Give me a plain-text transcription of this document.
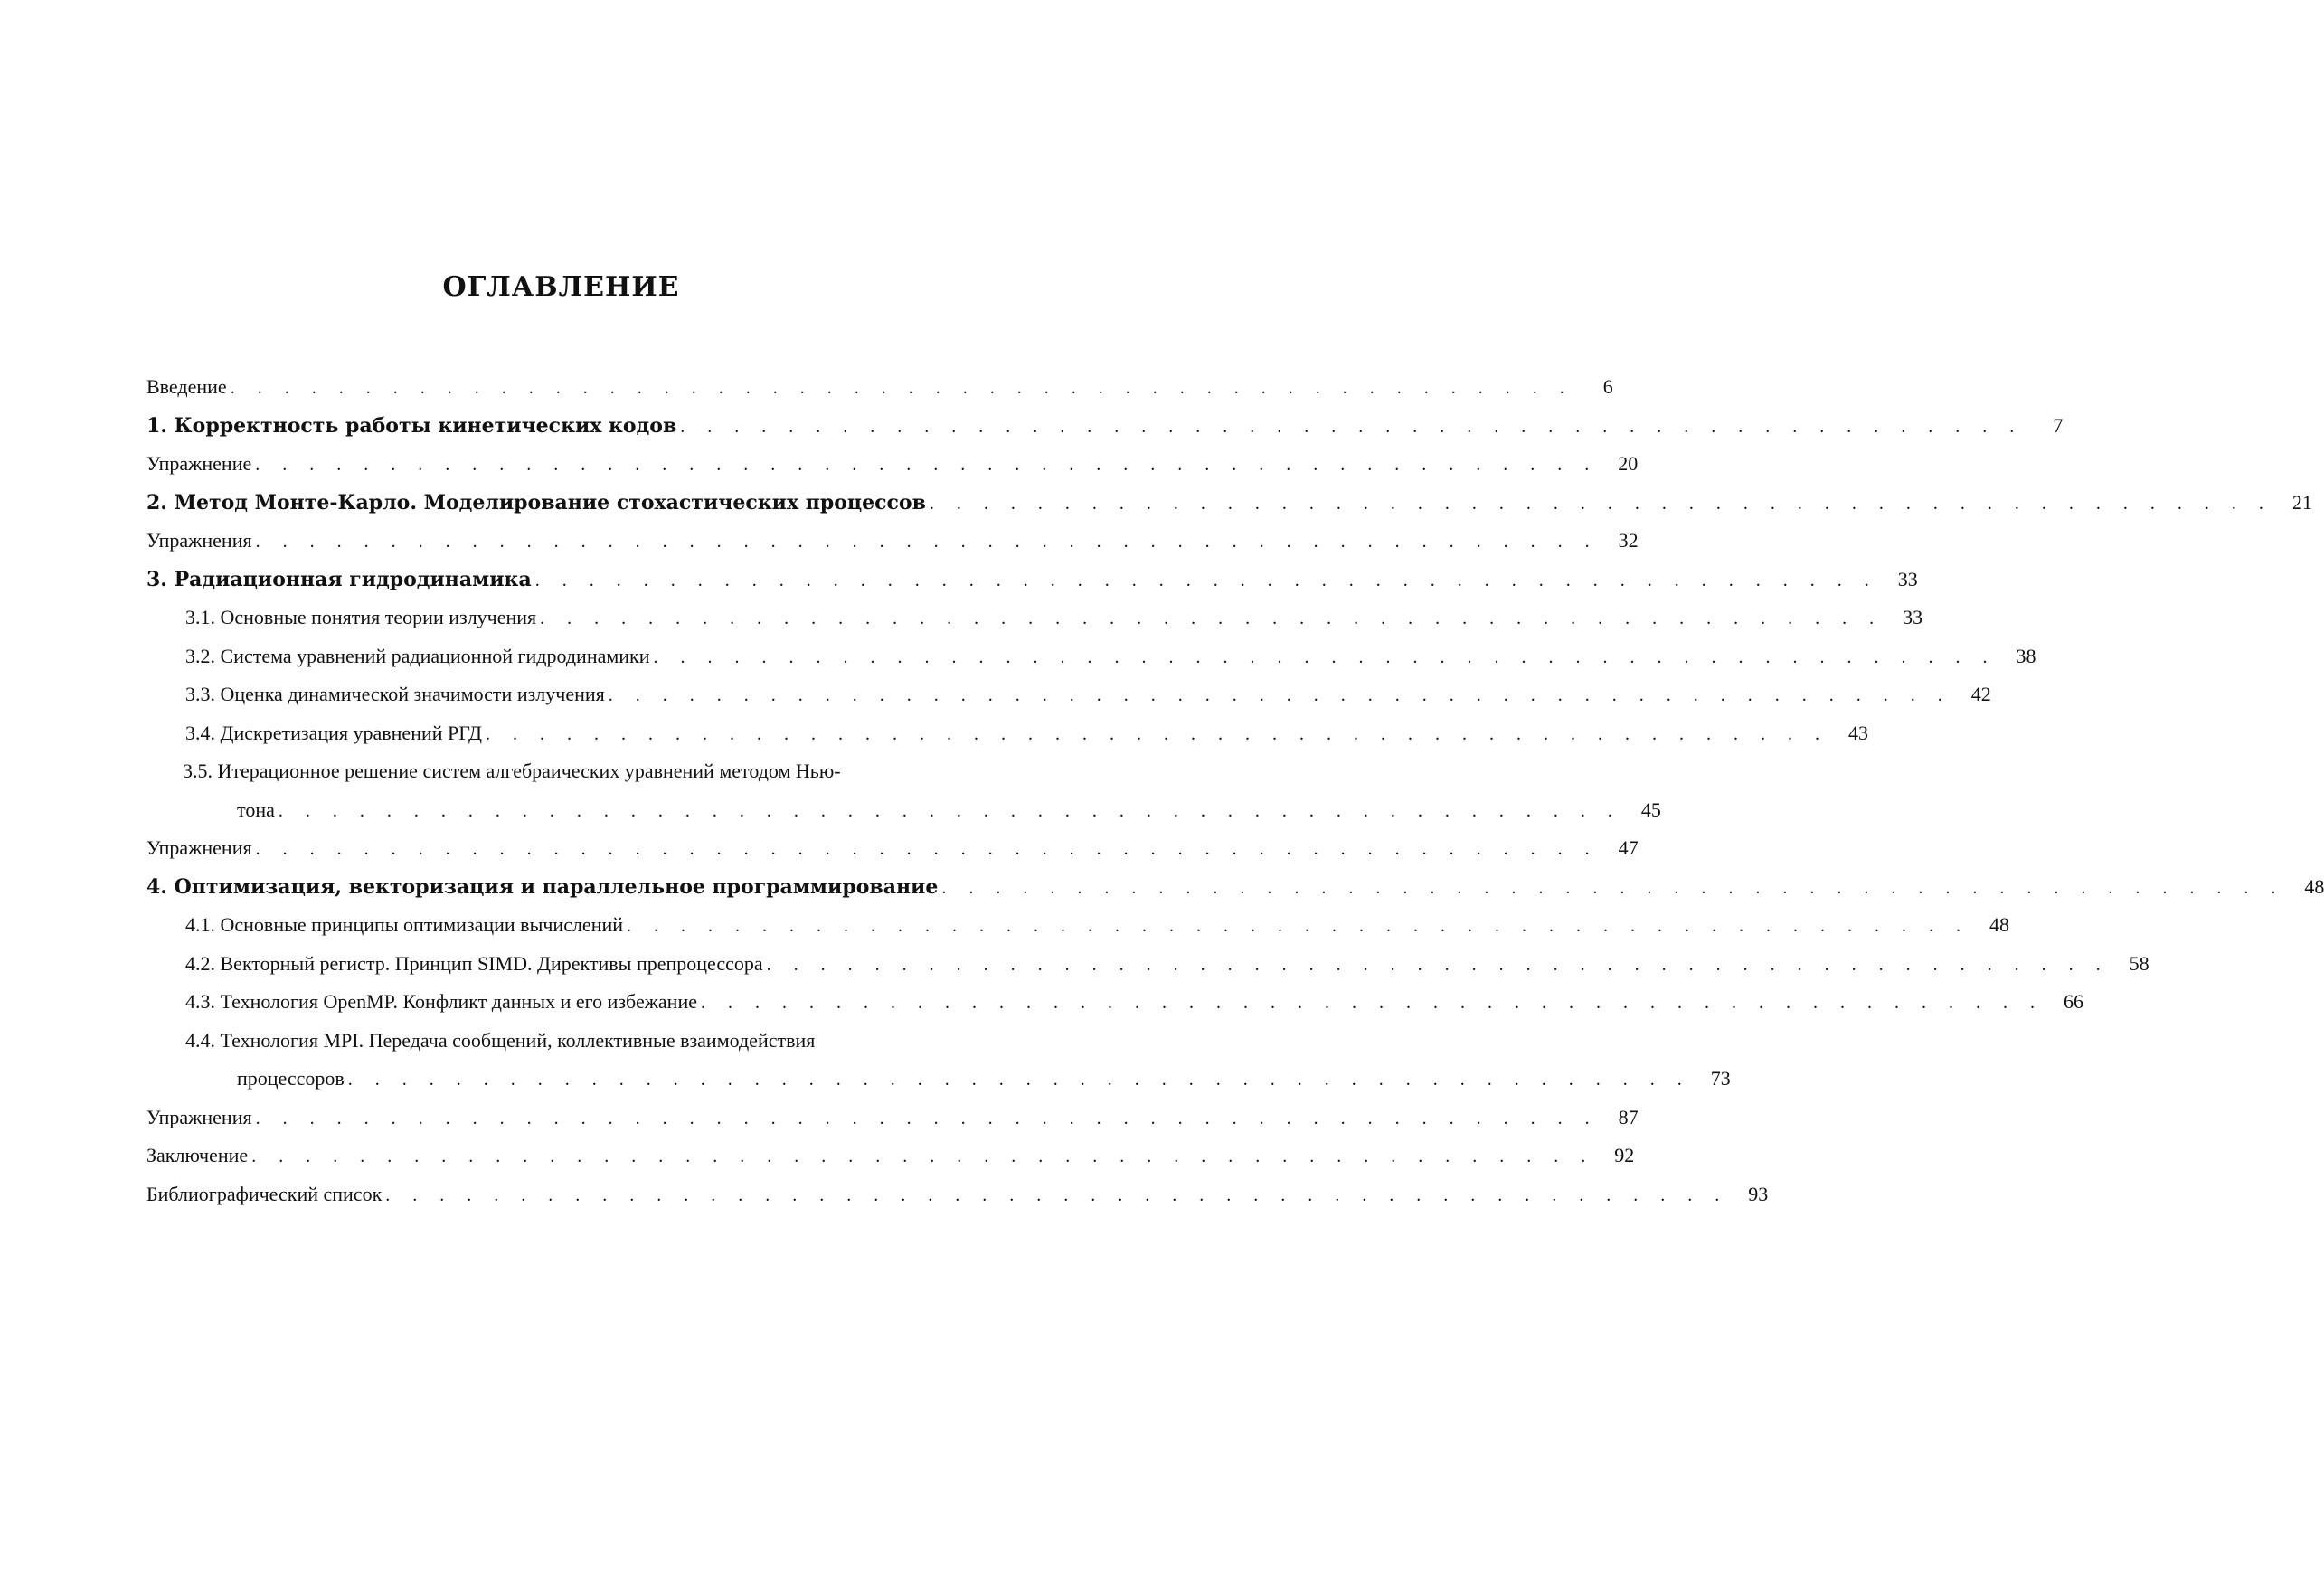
ОГЛАВЛЕНИЕ
Введение . . . . . . . . . . . . . . . . . . . . . . . . . . . . . . . . . . . . . . . . . . . . . . . . . .	6
1. Корректность работы кинетических кодов . . . . . . . . . . . . . . . . . . . . . . . . . . . . . . . . . . . . . . . . . . . . . . . . . .	7
Упражнение . . . . . . . . . . . . . . . . . . . . . . . . . . . . . . . . . . . . . . . . . . . . . . . . . .	20
2. Метод Монте-Карло. Моделирование стохастических процессов . . . . . . . . . . . . . . . . . . . . . . . . . . . . . . . . . . . . . . . . . . . . . . . . . .	21
Упражнения . . . . . . . . . . . . . . . . . . . . . . . . . . . . . . . . . . . . . . . . . . . . . . . . . .	32
3. Радиационная гидродинамика . . . . . . . . . . . . . . . . . . . . . . . . . . . . . . . . . . . . . . . . . . . . . . . . . .	33
3.1. Основные понятия теории излучения . . . . . . . . . . . . . . . . . . . . . . . . . . . . . . . . . . . . . . . . . . . . . . . . . .	33
3.2. Система уравнений радиационной гидродинамики . . . . . . . . . . . . . . . . . . . . . . . . . . . . . . . . . . . . . . . . . . . . . . . . . .	38
3.3. Оценка динамической значимости излучения . . . . . . . . . . . . . . . . . . . . . . . . . . . . . . . . . . . . . . . . . . . . . . . . . .	42
3.4. Дискретизация уравнений РГД . . . . . . . . . . . . . . . . . . . . . . . . . . . . . . . . . . . . . . . . . . . . . . . . . .	43
3.5. Итерационное решение систем алгебраических уравнений методом Нью-
тона . . . . . . . . . . . . . . . . . . . . . . . . . . . . . . . . . . . . . . . . . . . . . . . . . .	45
Упражнения . . . . . . . . . . . . . . . . . . . . . . . . . . . . . . . . . . . . . . . . . . . . . . . . . .	47
4. Оптимизация, векторизация и параллельное программирование . . . . . . . . . . . . . . . . . . . . . . . . . . . . . . . . . . . . . . . . . . . . . . . . . .	48
4.1. Основные принципы оптимизации вычислений . . . . . . . . . . . . . . . . . . . . . . . . . . . . . . . . . . . . . . . . . . . . . . . . . .	48
4.2. Векторный регистр. Принцип SIMD. Директивы препроцессора . . . . . . . . . . . . . . . . . . . . . . . . . . . . . . . . . . . . . . . . . . . . . . . . . .	58
4.3. Технология OpenMP. Конфликт данных и его избежание . . . . . . . . . . . . . . . . . . . . . . . . . . . . . . . . . . . . . . . . . . . . . . . . . .	66
4.4. Технология MPI. Передача сообщений, коллективные взаимодействия
процессоров . . . . . . . . . . . . . . . . . . . . . . . . . . . . . . . . . . . . . . . . . . . . . . . . . .	73
Упражнения . . . . . . . . . . . . . . . . . . . . . . . . . . . . . . . . . . . . . . . . . . . . . . . . . .	87
Заключение . . . . . . . . . . . . . . . . . . . . . . . . . . . . . . . . . . . . . . . . . . . . . . . . . .	92
Библиографический список . . . . . . . . . . . . . . . . . . . . . . . . . . . . . . . . . . . . . . . . . . . . . . . . . .	93
